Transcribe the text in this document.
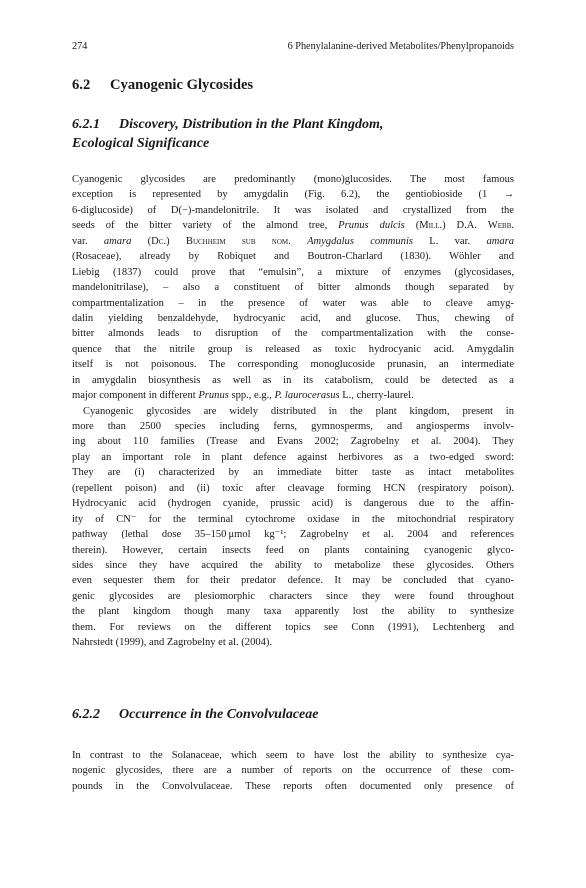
274	6 Phenylalanine-derived Metabolites/Phenylpropanoids
6.2 Cyanogenic Glycosides
6.2.1 Discovery, Distribution in the Plant Kingdom,
Ecological Significance
Cyanogenic glycosides are predominantly (mono)glucosides. The most famous
exception is represented by amygdalin (Fig. 6.2), the gentiobioside (1 →
6-diglucoside) of D(−)-mandelonitrile. It was isolated and crystallized from the
seeds of the bitter variety of the almond tree, Prunus dulcis (Mill.) D.A. Webb.
var. amara (Dc.) Buchheim sub nom. Amygdalus communis L. var. amara
(Rosaceae), already by Robiquet and Boutron-Charlard (1830). Wöhler and
Liebig (1837) could prove that “emulsin”, a mixture of enzymes (glycosidases,
mandelonitrilase), – also a constituent of bitter almonds though separated by
compartmentalization – in the presence of water was able to cleave amyg-
dalin yielding benzaldehyde, hydrocyanic acid, and glucose. Thus, chewing of
bitter almonds leads to disruption of the compartmentalization with the conse-
quence that the nitrile group is released as toxic hydrocyanic acid. Amygdalin
itself is not poisonous. The corresponding monoglucoside prunasin, an intermediate
in amygdalin biosynthesis as well as in its catabolism, could be detected as a
major component in different Prunus spp., e.g., P. laurocerasus L., cherry-laurel.
Cyanogenic glycosides are widely distributed in the plant kingdom, present in
more than 2500 species including ferns, gymnosperms, and angiosperms involv-
ing about 110 families (Trease and Evans 2002; Zagrobelny et al. 2004). They
play an important role in plant defence against herbivores as a two-edged sword:
They are (i) characterized by an immediate bitter taste as intact metabolites
(repellent poison) and (ii) toxic after cleavage forming HCN (respiratory poison).
Hydrocyanic acid (hydrogen cyanide, prussic acid) is dangerous due to the affin-
ity of CN⁻ for the terminal cytochrome oxidase in the mitochondrial respiratory
pathway (lethal dose 35–150 μmol kg⁻¹; Zagrobelny et al. 2004 and references
therein). However, certain insects feed on plants containing cyanogenic glyco-
sides since they have acquired the ability to metabolize these glycosides. Others
even sequester them for their predator defence. It may be concluded that cyano-
genic glycosides are plesiomorphic characters since they were found throughout
the plant kingdom though many taxa apparently lost the ability to synthesize
them. For reviews on the different topics see Conn (1991), Lechtenberg and
Nahrstedt (1999), and Zagrobelny et al. (2004).
6.2.2 Occurrence in the Convolvulaceae
In contrast to the Solanaceae, which seem to have lost the ability to synthesize cya-
nogenic glycosides, there are a number of reports on the occurrence of these com-
pounds in the Convolvulaceae. These reports often documented only presence of
